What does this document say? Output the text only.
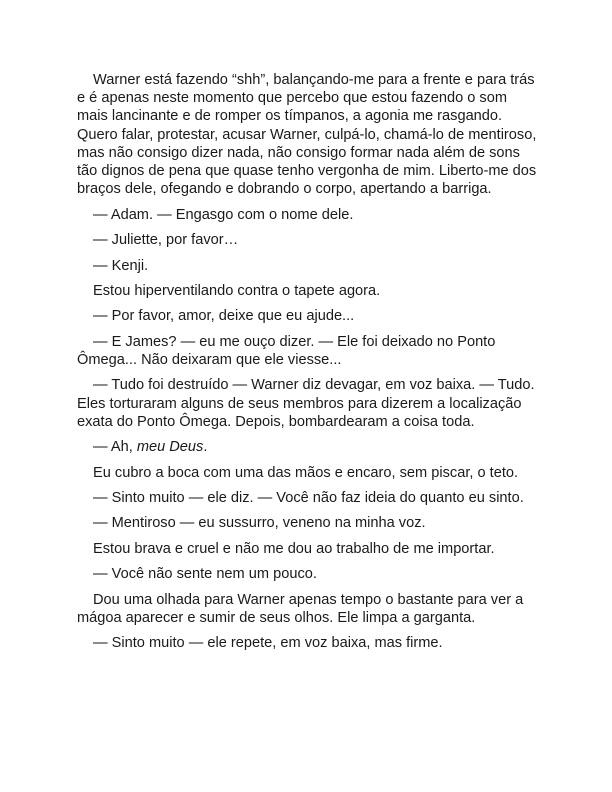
Warner está fazendo “shh”, balançando-me para a frente e para trás e é apenas neste momento que percebo que estou fazendo o som mais lancinante e de romper os tímpanos, a agonia me rasgando. Quero falar, protestar, acusar Warner, culpá-lo, chamá-lo de mentiroso, mas não consigo dizer nada, não consigo formar nada além de sons tão dignos de pena que quase tenho vergonha de mim. Liberto-me dos braços dele, ofegando e dobrando o corpo, apertando a barriga.

— Adam. — Engasgo com o nome dele.

— Juliette, por favor…

— Kenji.

Estou hiperventilando contra o tapete agora.

— Por favor, amor, deixe que eu ajude...

— E James? — eu me ouço dizer. — Ele foi deixado no Ponto Ômega... Não deixaram que ele viesse...

— Tudo foi destruído — Warner diz devagar, em voz baixa. — Tudo. Eles torturaram alguns de seus membros para dizerem a localização exata do Ponto Ômega. Depois, bombardearam a coisa toda.

— Ah, meu Deus.

Eu cubro a boca com uma das mãos e encaro, sem piscar, o teto.

— Sinto muito — ele diz. — Você não faz ideia do quanto eu sinto.

— Mentiroso — eu sussurro, veneno na minha voz.

Estou brava e cruel e não me dou ao trabalho de me importar.

— Você não sente nem um pouco.

Dou uma olhada para Warner apenas tempo o bastante para ver a mágoa aparecer e sumir de seus olhos. Ele limpa a garganta.

— Sinto muito — ele repete, em voz baixa, mas firme.
